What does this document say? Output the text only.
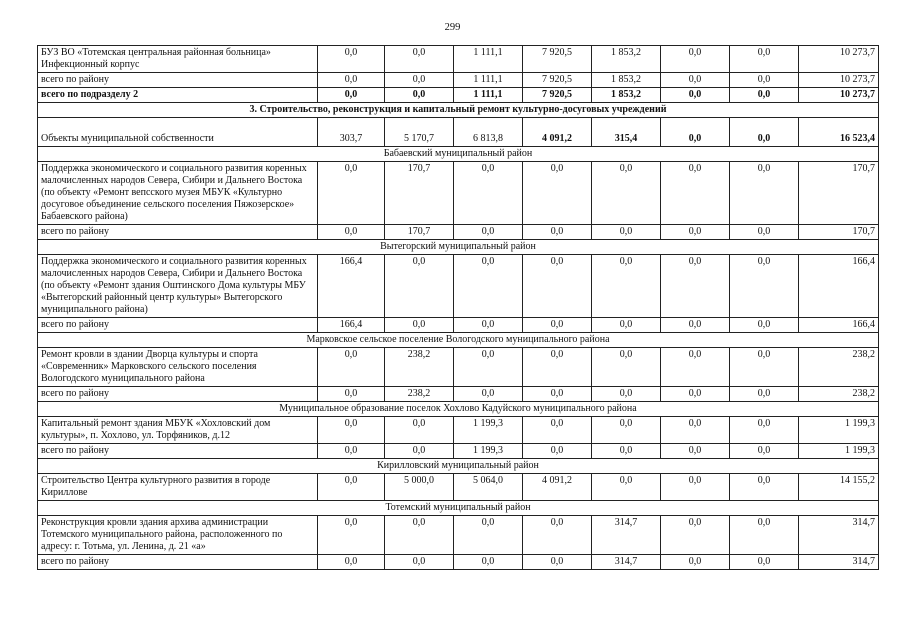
299
БУЗ ВО «Тотемская центральная районная больница» Инфекционный корпус	0,0	0,0	1 111,1	7 920,5	1 853,2	0,0	0,0	10 273,7
всего по району	0,0	0,0	1 111,1	7 920,5	1 853,2	0,0	0,0	10 273,7
всего по подразделу 2	0,0	0,0	1 111,1	7 920,5	1 853,2	0,0	0,0	10 273,7
3. Строительство, реконструкция и капитальный ремонт культурно-досуговых учреждений								
Объекты муниципальной собственности	303,7	5 170,7	6 813,8	4 091,2	315,4	0,0	0,0	16 523,4
Бабаевский муниципальный район								
Поддержка экономического и социального развития коренных малочисленных народов Севера, Сибири и Дальнего Востока (по объекту «Ремонт вепсского музея МБУК «Культурно досуговое объединение сельского поселения Пяжозерское» Бабаевского района)	0,0	170,7	0,0	0,0	0,0	0,0	0,0	170,7
всего по району	0,0	170,7	0,0	0,0	0,0	0,0	0,0	170,7
Вытегорский муниципальный район								
Поддержка экономического и социального развития коренных малочисленных народов Севера, Сибири и Дальнего Востока (по объекту «Ремонт здания Оштинского Дома культуры МБУ «Вытегорский районный центр культуры» Вытегорского муниципального района)	166,4	0,0	0,0	0,0	0,0	0,0	0,0	166,4
всего по району	166,4	0,0	0,0	0,0	0,0	0,0	0,0	166,4
Марковское сельское поселение Вологодского муниципального района								
Ремонт кровли в здании Дворца культуры и спорта «Современник» Марковского сельского поселения Вологодского муниципального района	0,0	238,2	0,0	0,0	0,0	0,0	0,0	238,2
всего по району	0,0	238,2	0,0	0,0	0,0	0,0	0,0	238,2
Муниципальное образование поселок Хохлово Кадуйского муниципального района								
Капитальный ремонт здания МБУК «Хохловский дом культуры», п. Хохлово, ул. Торфяников, д.12	0,0	0,0	1 199,3	0,0	0,0	0,0	0,0	1 199,3
всего по району	0,0	0,0	1 199,3	0,0	0,0	0,0	0,0	1 199,3
Кирилловский муниципальный район								
Строительство Центра культурного развития в городе Кириллове	0,0	5 000,0	5 064,0	4 091,2	0,0	0,0	0,0	14 155,2
Тотемский муниципальный район								
Реконструкция кровли здания архива администрации Тотемского муниципального района, расположенного по адресу: г. Тотьма, ул. Ленина, д. 21 «а»	0,0	0,0	0,0	0,0	314,7	0,0	0,0	314,7
всего по району	0,0	0,0	0,0	0,0	314,7	0,0	0,0	314,7
